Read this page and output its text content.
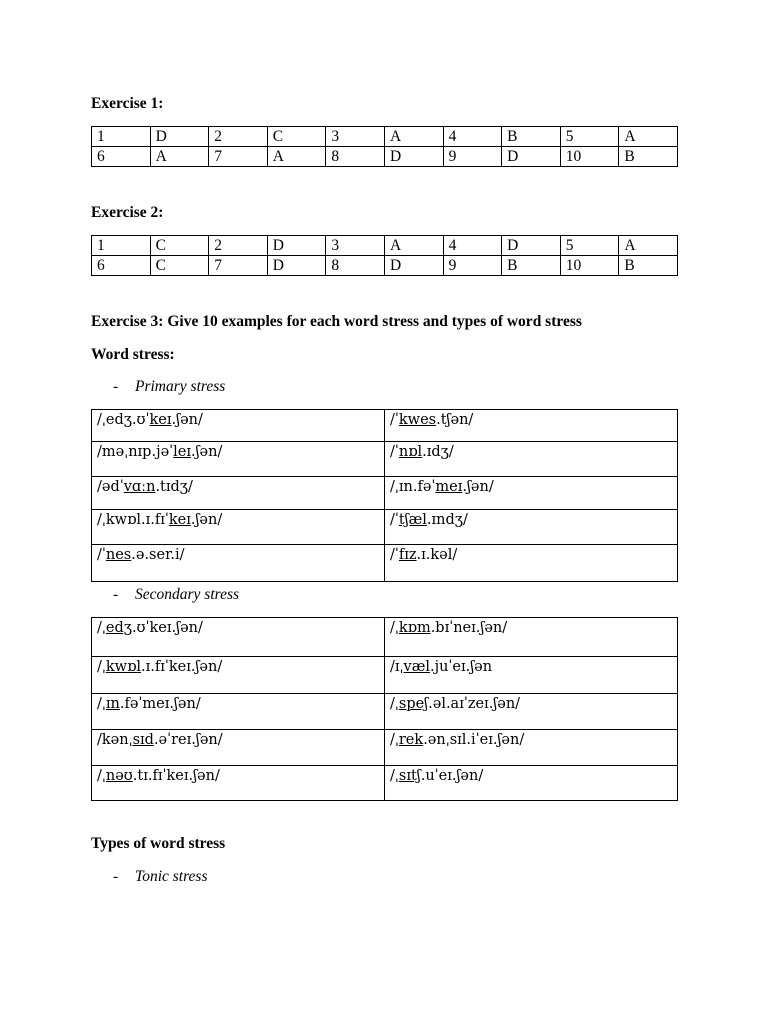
Exercise 1:
1	D	2	C	3	A	4	B	5	A
6	A	7	A	8	D	9	D	10	B
Exercise 2:
1	C	2	D	3	A	4	D	5	A
6	C	7	D	8	D	9	B	10	B
Exercise 3: Give 10 examples for each word stress and types of word stress
Word stress:
- Primary stress
/ˌedʒ.ʊˈkeɪ.ʃən/	/ˈkwes.tʃən/
/məˌnɪp.jəˈleɪ.ʃən/	/ˈnɒl.ɪdʒ/
/ədˈvɑːn.tɪdʒ/	/ˌɪn.fəˈmeɪ.ʃən/
/ˌkwɒl.ɪ.fɪˈkeɪ.ʃən/	/ˈtʃæl.ɪndʒ/
/ˈnes.ə.ser.i/	/ˈfɪz.ɪ.kəl/
- Secondary stress
/ˌedʒ.ʊˈkeɪ.ʃən/	/ˌkɒm.bɪˈneɪ.ʃən/
/ˌkwɒl.ɪ.fɪˈkeɪ.ʃən/	/ɪˌvæl.juˈeɪ.ʃən
/ˌɪn.fəˈmeɪ.ʃən/	/ˌspeʃ.əl.aɪˈzeɪ.ʃən/
/kənˌsɪd.əˈreɪ.ʃən/	/ˌrek.ənˌsɪl.iˈeɪ.ʃən/
/ˌnəʊ.tɪ.fɪˈkeɪ.ʃən/	/ˌsɪtʃ.uˈeɪ.ʃən/
Types of word stress
- Tonic stress
